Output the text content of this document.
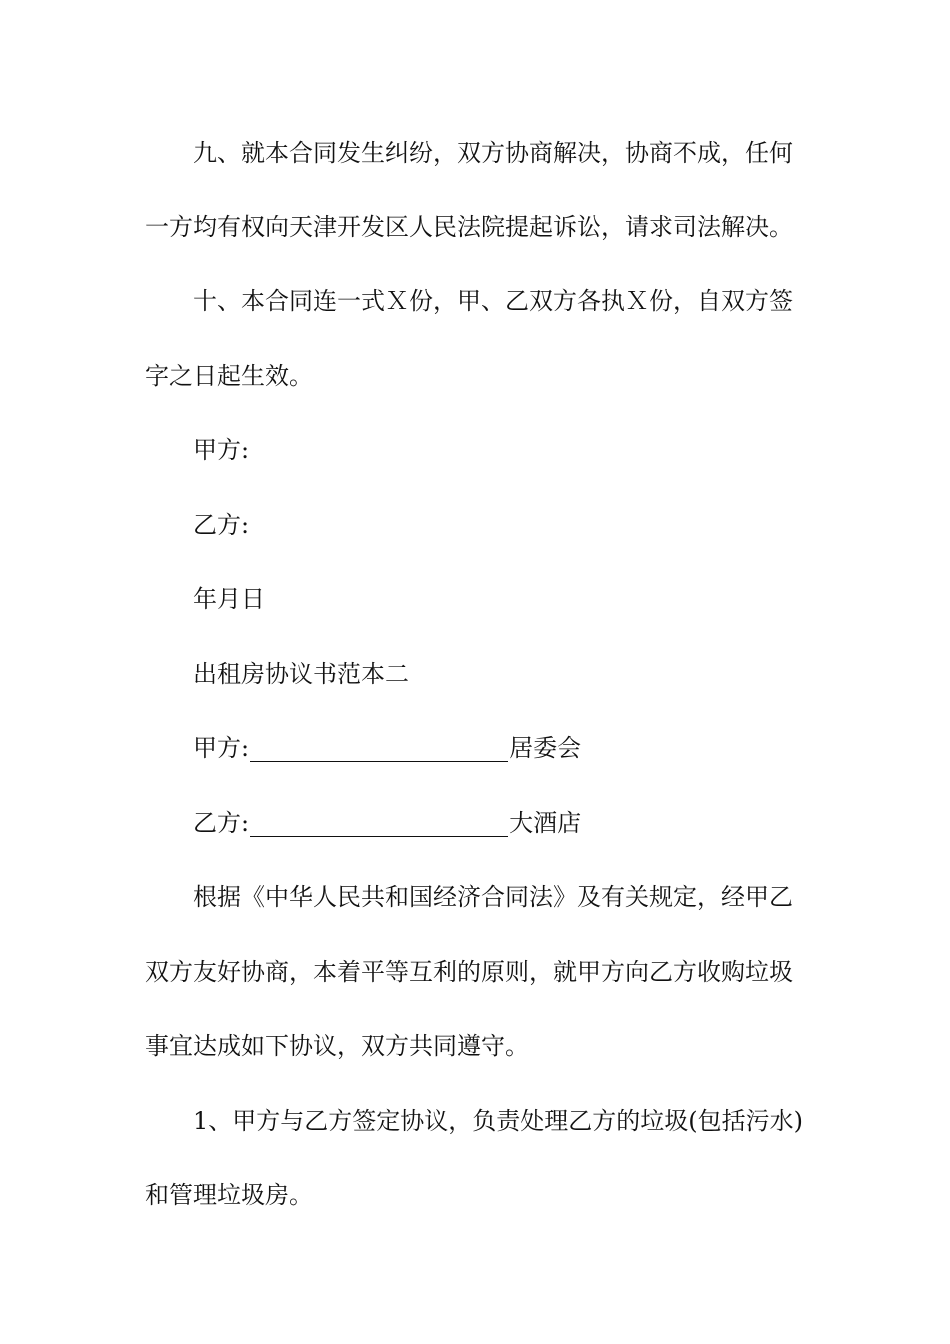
九、就本合同发生纠纷，双方协商解决，协商不成，任何
一方均有权向天津开发区人民法院提起诉讼，请求司法解决。
十、本合同连一式Ｘ份，甲、乙双方各执Ｘ份，自双方签
字之日起生效。
甲方:
乙方:
年月日
出租房协议书范本二
甲方:	居委会
乙方:	大酒店
根据《中华人民共和国经济合同法》及有关规定，经甲乙
双方友好协商，本着平等互利的原则，就甲方向乙方收购垃圾
事宜达成如下协议，双方共同遵守。
1、甲方与乙方签定协议，负责处理乙方的垃圾(包括污水)
和管理垃圾房。
